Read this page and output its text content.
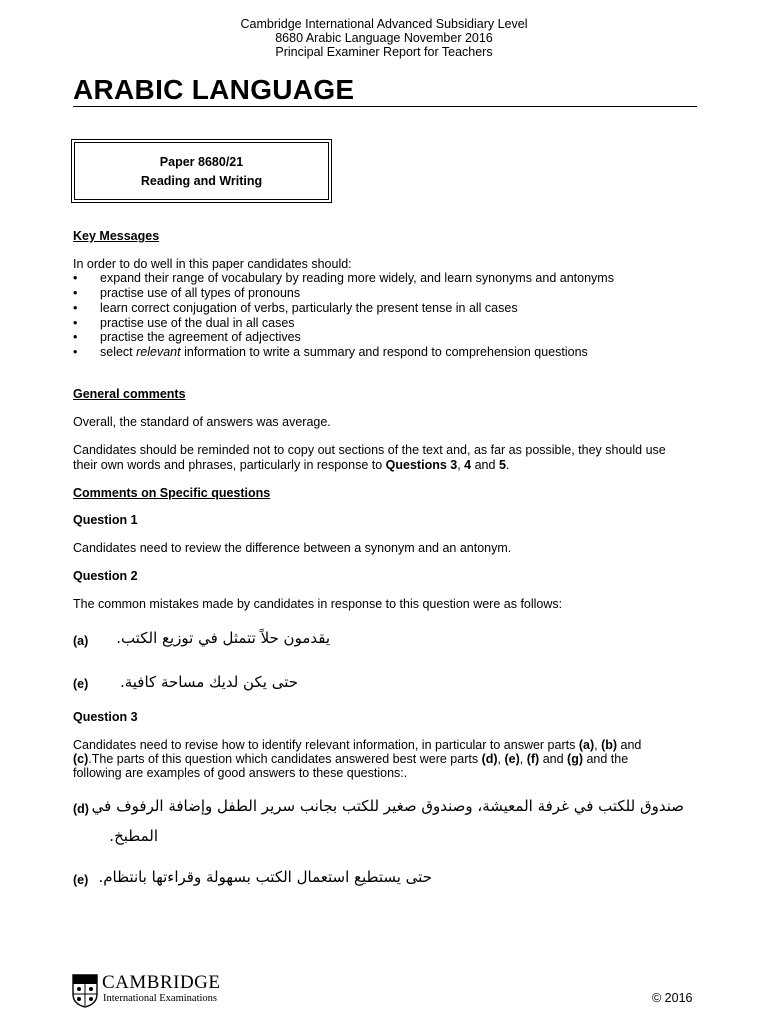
Cambridge International Advanced Subsidiary Level
8680 Arabic Language November 2016
Principal Examiner Report for Teachers
ARABIC LANGUAGE
Paper 8680/21
Reading and Writing
Key Messages
In order to do well in this paper candidates should:
• expand their range of vocabulary by reading more widely, and learn synonyms and antonyms
• practise use of all types of pronouns
• learn correct conjugation of verbs, particularly the present tense in all cases
• practise use of the dual in all cases
• practise the agreement of adjectives
• select relevant information to write a summary and respond to comprehension questions
General comments
Overall, the standard of answers was average.
Candidates should be reminded not to copy out sections of the text and, as far as possible, they should use
their own words and phrases, particularly in response to Questions 3, 4 and 5.
Comments on Specific questions
Question 1
Candidates need to review the difference between a synonym and an antonym.
Question 2
The common mistakes made by candidates in response to this question were as follows:
(a) يقدمون حلاً تتمثل في توزيع الكتب.
(e) حتى يكن لديك مساحة كافية.
Question 3
Candidates need to revise how to identify relevant information, in particular to answer parts (a), (b) and
(c).The parts of this question which candidates answered best were parts (d), (e), (f) and (g) and the
following are examples of good answers to these questions:.
(d) صندوق للكتب في غرفة المعيشة، وصندوق صغير للكتب بجانب سرير الطفل وإضافة الرفوف في
المطبخ.
(e) حتى يستطيع استعمال الكتب بسهولة وقراءتها بانتظام.
CAMBRIDGE
International Examinations	© 2016
